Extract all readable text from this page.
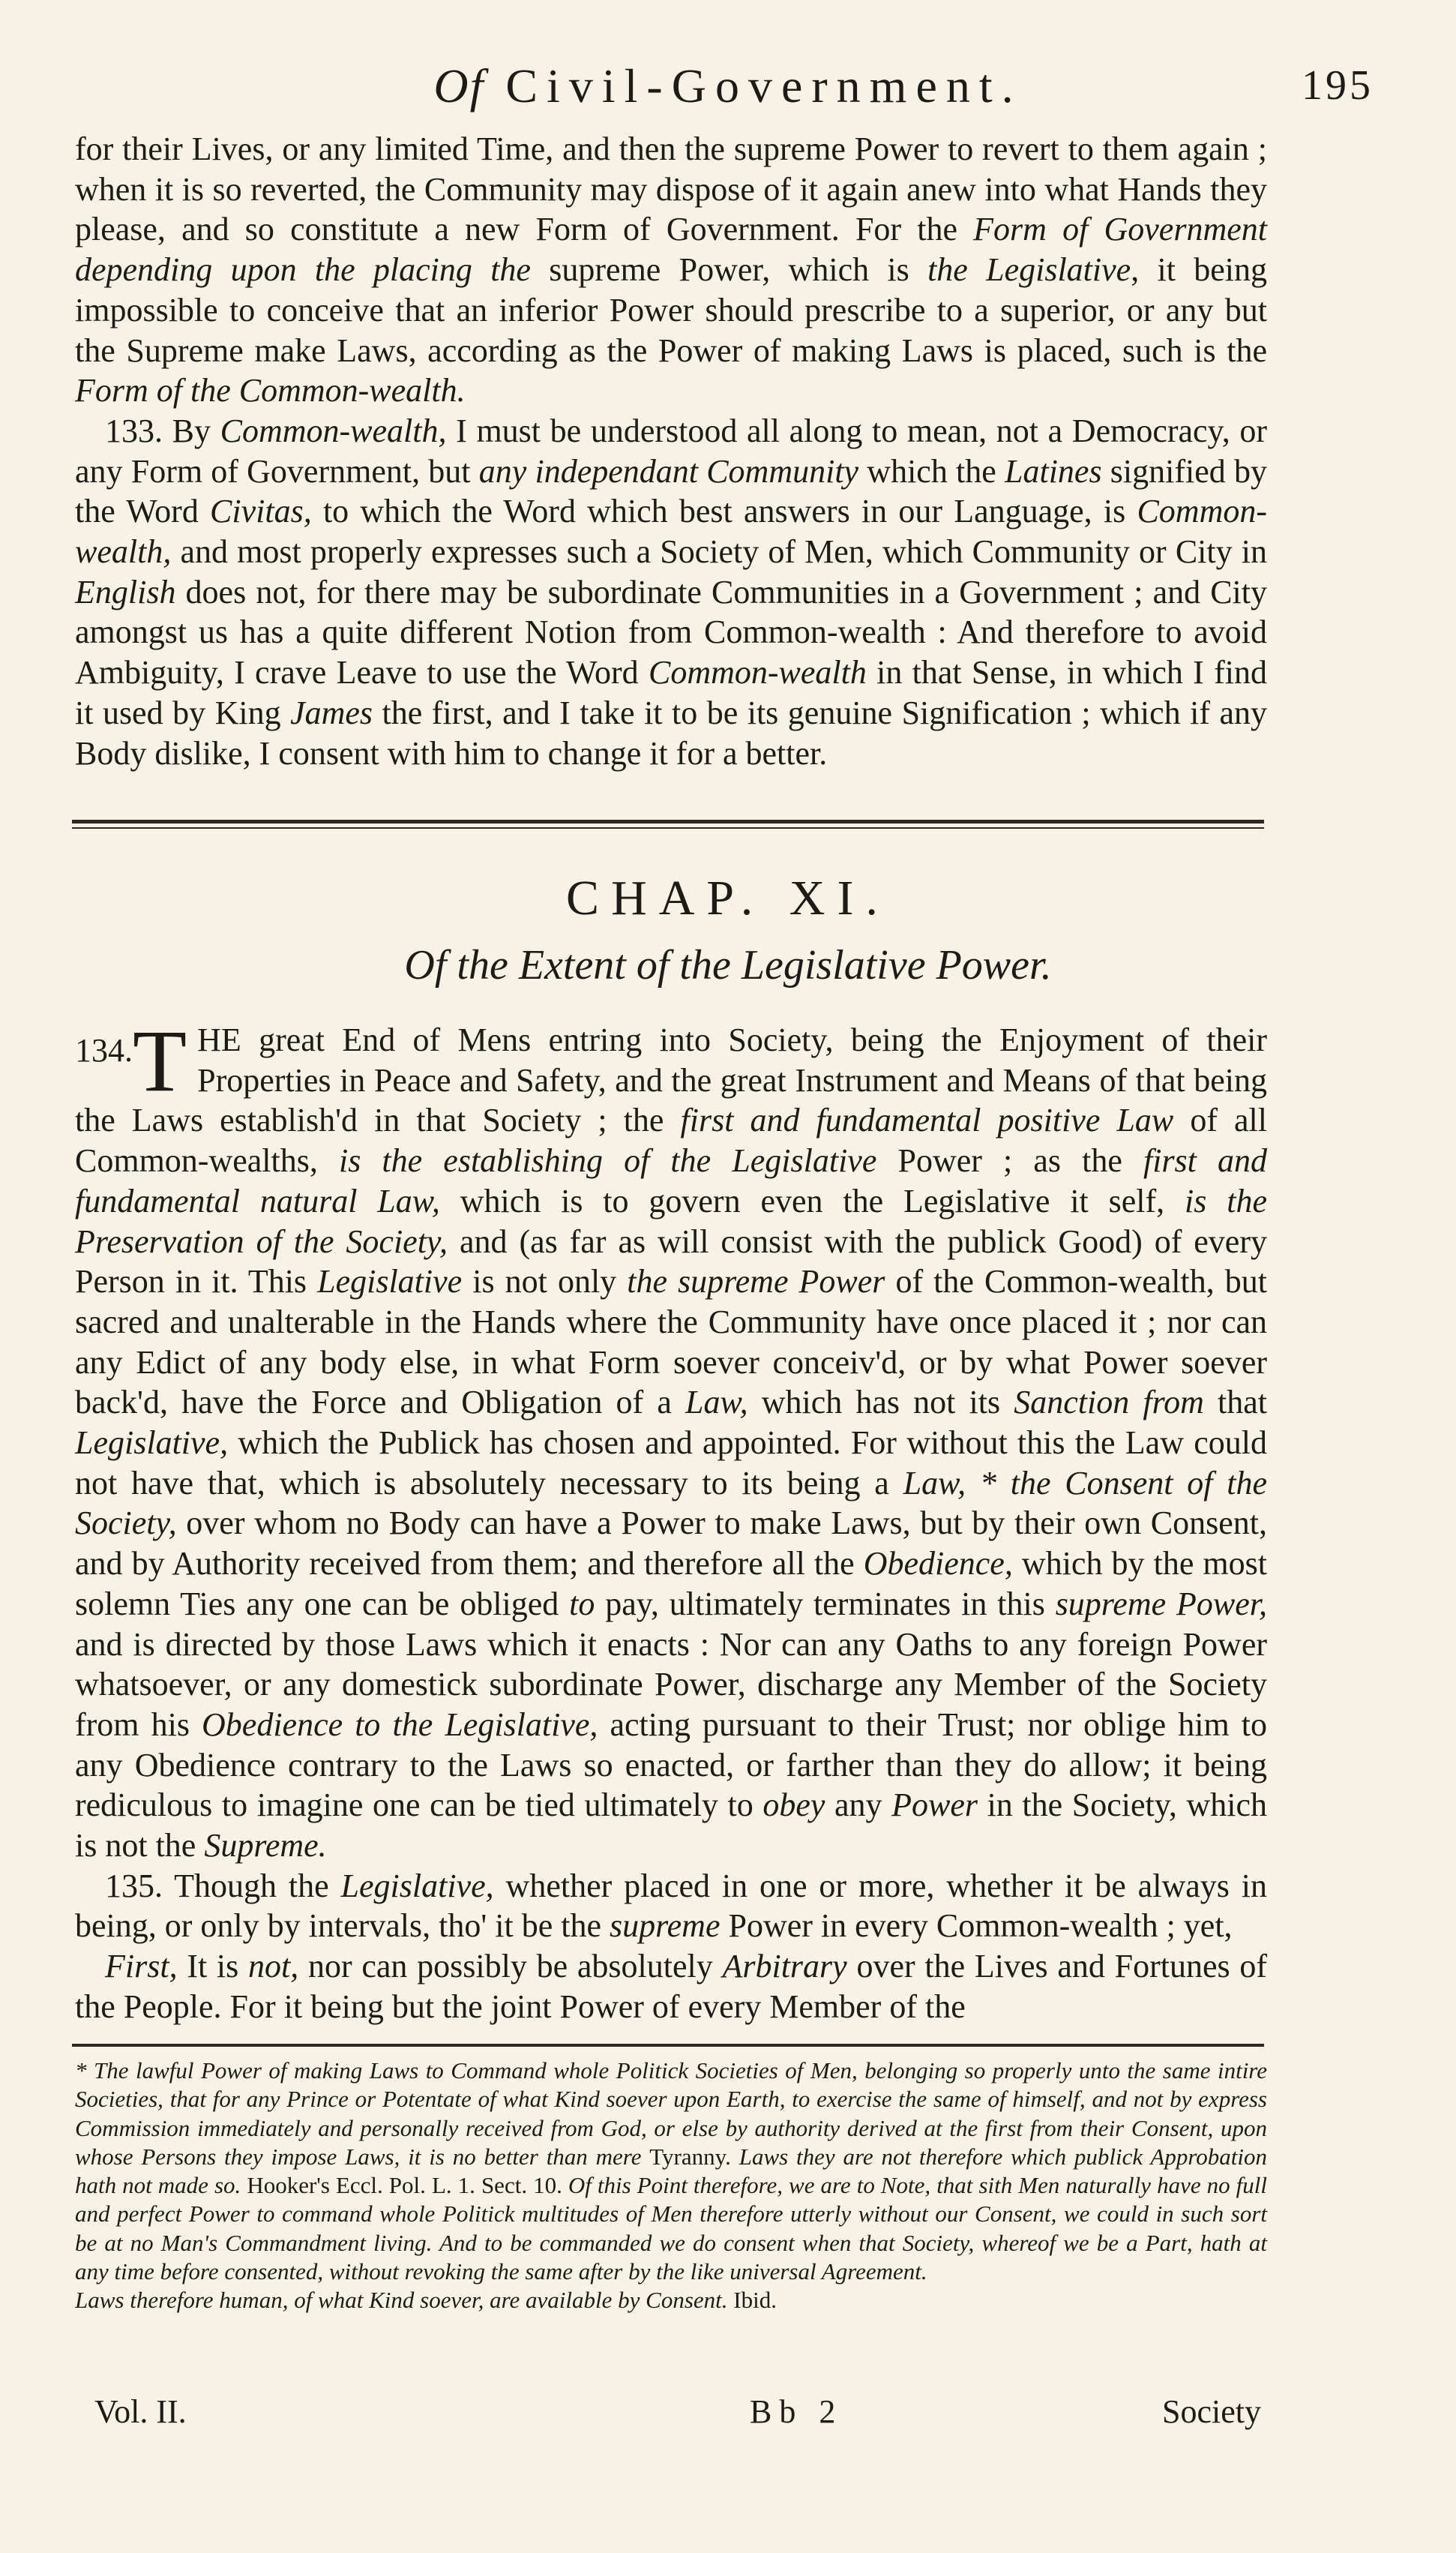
Of Civil-Government.	195

for their Lives, or any limited Time, and then the supreme Power to revert to them again ; when it is so reverted, the Community may dispose of it again anew into what Hands they please, and so constitute a new Form of Government. For the Form of Government depending upon the placing the supreme Power, which is the Legislative, it being impossible to conceive that an inferior Power should prescribe to a superior, or any but the Supreme make Laws, according as the Power of making Laws is placed, such is the Form of the Common-wealth.

133. By Common-wealth, I must be understood all along to mean, not a Democracy, or any Form of Government, but any independant Community which the Latines signified by the Word Civitas, to which the Word which best answers in our Language, is Common-wealth, and most properly expresses such a Society of Men, which Community or City in English does not, for there may be subordinate Communities in a Government ; and City amongst us has a quite different Notion from Common-wealth : And therefore to avoid Ambiguity, I crave Leave to use the Word Common-wealth in that Sense, in which I find it used by King James the first, and I take it to be its genuine Signification ; which if any Body dislike, I consent with him to change it for a better.

CHAP. XI.
Of the Extent of the Legislative Power.

134. T HE great End of Mens entring into Society, being the Enjoyment of their Properties in Peace and Safety, and the great Instrument and Means of that being the Laws establish'd in that Society ; the first and fundamental positive Law of all Common-wealths, is the establishing of the Legislative Power ; as the first and fundamental natural Law, which is to govern even the Legislative it self, is the Preservation of the Society, and (as far as will consist with the publick Good) of every Person in it. This Legislative is not only the supreme Power of the Common-wealth, but sacred and unalterable in the Hands where the Community have once placed it ; nor can any Edict of any body else, in what Form soever conceiv'd, or by what Power soever back'd, have the Force and Obligation of a Law, which has not its Sanction from that Legislative, which the Publick has chosen and appointed. For without this the Law could not have that, which is absolutely necessary to its being a Law, * the Consent of the Society, over whom no Body can have a Power to make Laws, but by their own Consent, and by Authority received from them; and therefore all the Obedience, which by the most solemn Ties any one can be obliged to pay, ultimately terminates in this supreme Power, and is directed by those Laws which it enacts : Nor can any Oaths to any foreign Power whatsoever, or any domestick subordinate Power, discharge any Member of the Society from his Obedience to the Legislative, acting pursuant to their Trust; nor oblige him to any Obedience contrary to the Laws so enacted, or farther than they do allow; it being rediculous to imagine one can be tied ultimately to obey any Power in the Society, which is not the Supreme.

135. Though the Legislative, whether placed in one or more, whether it be always in being, or only by intervals, tho' it be the supreme Power in every Common-wealth ; yet,

First, It is not, nor can possibly be absolutely Arbitrary over the Lives and Fortunes of the People. For it being but the joint Power of every Member of the

* The lawful Power of making Laws to Command whole Politick Societies of Men, belonging so properly unto the same intire Societies, that for any Prince or Potentate of what Kind soever upon Earth, to exercise the same of himself, and not by express Commission immediately and personally received from God, or else by authority derived at the first from their Consent, upon whose Persons they impose Laws, it is no better than mere Tyranny. Laws they are not therefore which publick Approbation hath not made so. Hooker's Eccl. Pol. L. 1. Sect. 10. Of this Point therefore, we are to Note, that sith Men naturally have no full and perfect Power to command whole Politick multitudes of Men therefore utterly without our Consent, we could in such sort be at no Man's Commandment living. And to be commanded we do consent when that Society, whereof we be a Part, hath at any time before consented, without revoking the same after by the like universal Agreement.

Laws therefore human, of what Kind soever, are available by Consent. Ibid.

Vol. II.	Bb 2	Society
